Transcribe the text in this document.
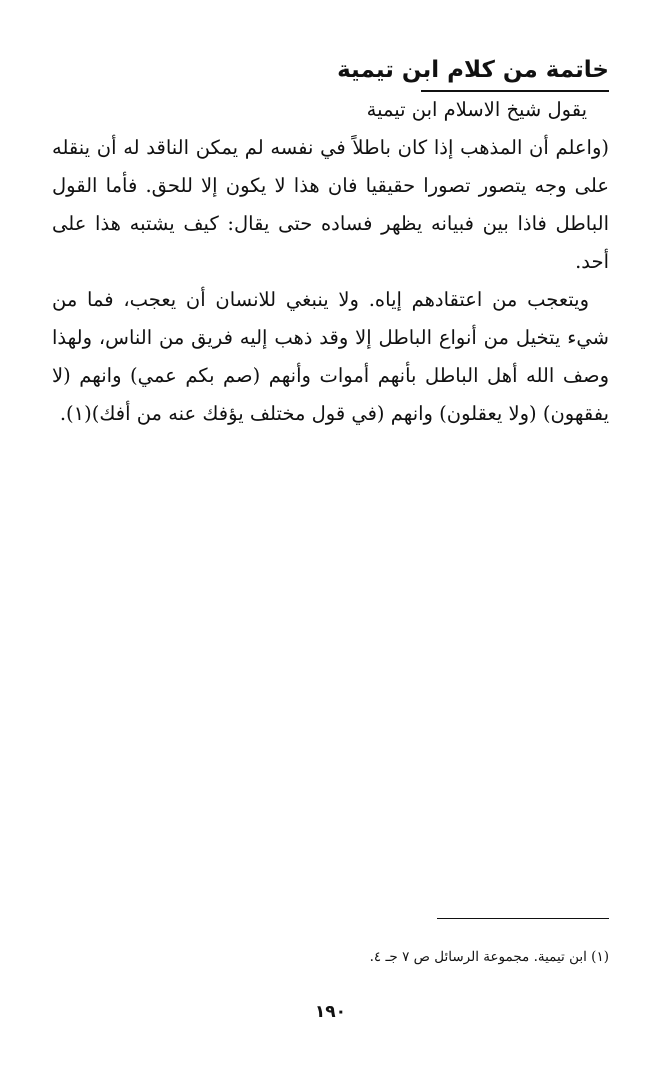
خاتمة من كلام ابن تيمية

يقول شيخ الاسلام ابن تيمية

(واعلم أن المذهب إذا كان باطلاً في نفسه لم يمكن الناقد له أن ينقله على وجه يتصور تصورا حقيقيا فان هذا لا يكون إلا للحق. فأما القول الباطل فاذا بين فبيانه يظهر فساده حتى يقال: كيف يشتبه هذا على أحد.

ويتعجب من اعتقادهم إياه. ولا ينبغي للانسان أن يعجب، فما من شيء يتخيل من أنواع الباطل إلا وقد ذهب إليه فريق من الناس، ولهذا وصف الله أهل الباطل بأنهم أموات وأنهم (صم بكم عمي) وانهم (لا يفقهون) (ولا يعقلون) وانهم (في قول مختلف يؤفك عنه من أفك)(١).

(١) ابن تيمية. مجموعة الرسائل ص ٧ جـ ٤.
١٩٠
